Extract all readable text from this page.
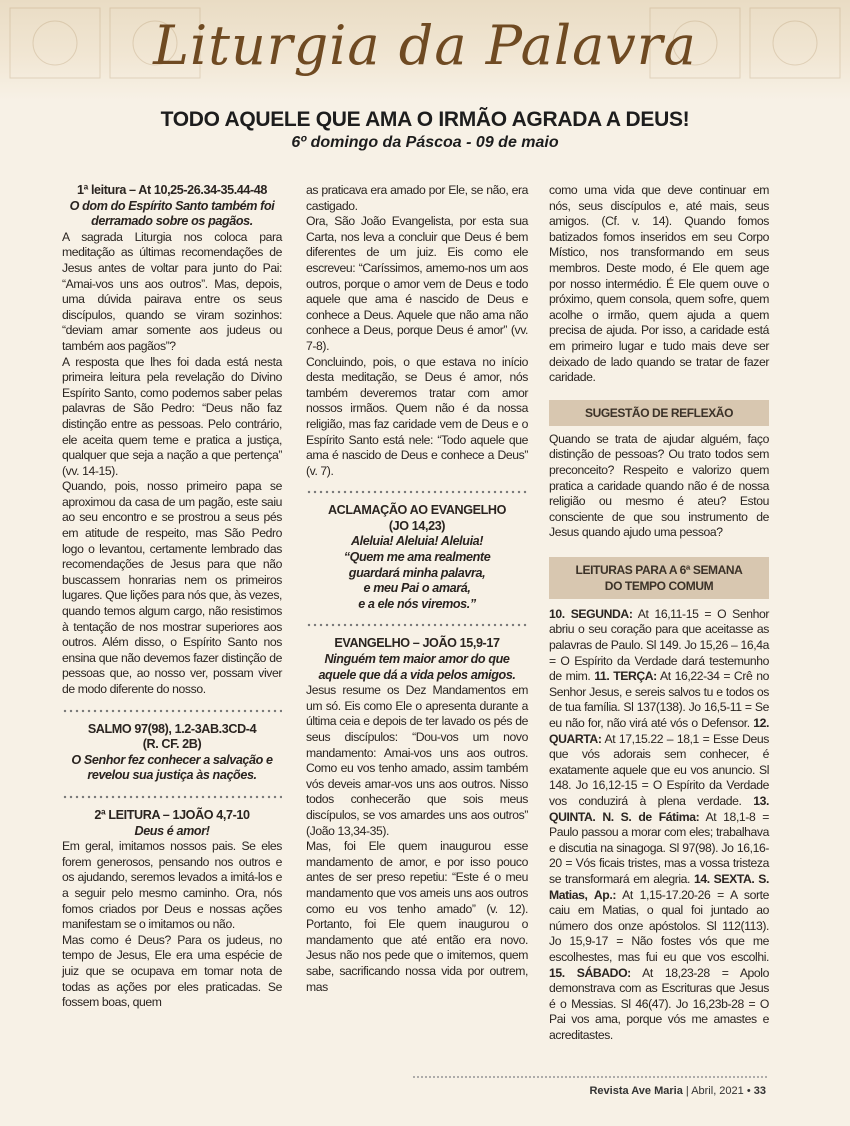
Liturgia da Palavra
TODO AQUELE QUE AMA O IRMÃO AGRADA A DEUS!
6º domingo da Páscoa - 09 de maio
1ª leitura – At 10,25-26.34-35.44-48
O dom do Espírito Santo também foi derramado sobre os pagãos.

A sagrada Liturgia nos coloca para meditação as últimas recomendações de Jesus antes de voltar para junto do Pai: “Amai-vos uns aos outros”. Mas, depois, uma dúvida pairava entre os seus discípulos, quando se viram sozinhos: “deviam amar somente aos judeus ou também aos pagãos”?

A resposta que lhes foi dada está nesta primeira leitura pela revelação do Divino Espírito Santo, como podemos saber pelas palavras de São Pedro: “Deus não faz distinção entre as pessoas. Pelo contrário, ele aceita quem teme e pratica a justiça, qualquer que seja a nação a que pertença” (vv. 14-15).

Quando, pois, nosso primeiro papa se aproximou da casa de um pagão, este saiu ao seu encontro e se prostrou a seus pés em atitude de respeito, mas São Pedro logo o levantou, certamente lembrado das recomendações de Jesus para que não buscassem honrarias nem os primeiros lugares. Que lições para nós que, às vezes, quando temos algum cargo, não resistimos à tentação de nos mostrar superiores aos outros. Além disso, o Espírito Santo nos ensina que não devemos fazer distinção de pessoas que, ao nosso ver, possam viver de modo diferente do nosso.

SALMO 97(98), 1.2-3AB.3CD-4
(R. CF. 2B)
O Senhor fez conhecer a salvação e revelou sua justiça às nações.
2ª LEITURA – 1JOÃO 4,7-10
Deus é amor!

Em geral, imitamos nossos pais. Se eles forem generosos, pensando nos outros e os ajudando, seremos levados a imitá-los e a seguir pelo mesmo caminho. Ora, nós fomos criados por Deus e nossas ações manifestam se o imitamos ou não.

Mas como é Deus? Para os judeus, no tempo de Jesus, Ele era uma espécie de juiz que se ocupava em tomar nota de todas as ações por eles praticadas. Se fossem boas, quem

as praticava era amado por Ele, se não, era castigado.

Ora, São João Evangelista, por esta sua Carta, nos leva a concluir que Deus é bem diferentes de um juiz. Eis como ele escreveu: “Caríssimos, amemo-nos um aos outros, porque o amor vem de Deus e todo aquele que ama é nascido de Deus e conhece a Deus. Aquele que não ama não conhece a Deus, porque Deus é amor” (vv. 7-8).

Concluindo, pois, o que estava no início desta meditação, se Deus é amor, nós também deveremos tratar com amor nossos irmãos. Quem não é da nossa religião, mas faz caridade vem de Deus e o Espírito Santo está nele: “Todo aquele que ama é nascido de Deus e conhece a Deus” (v. 7).

ACLAMAÇÃO AO EVANGELHO
(JO 14,23)
Aleluia! Aleluia! Aleluia!
“Quem me ama realmente
guardará minha palavra,
e meu Pai o amará,
e a ele nós viremos.”
EVANGELHO – JOÃO 15,9-17
Ninguém tem maior amor do que aquele que dá a vida pelos amigos.

Jesus resume os Dez Mandamentos em um só. Eis como Ele o apresenta durante a última ceia e depois de ter lavado os pés de seus discípulos: “Dou-vos um novo mandamento: Amai-vos uns aos outros. Como eu vos tenho amado, assim também vós deveis amar-vos uns aos outros. Nisso todos conhecerão que sois meus discípulos, se vos amardes uns aos outros” (João 13,34-35).

Mas, foi Ele quem inaugurou esse mandamento de amor, e por isso pouco antes de ser preso repetiu: “Este é o meu mandamento que vos ameis uns aos outros como eu vos tenho amado” (v. 12). Portanto, foi Ele quem inaugurou o mandamento que até então era novo. Jesus não nos pede que o imitemos, quem sabe, sacrificando nossa vida por outrem, mas

como uma vida que deve continuar em nós, seus discípulos e, até mais, seus amigos. (Cf. v. 14). Quando fomos batizados fomos inseridos em seu Corpo Místico, nos transformando em seus membros. Deste modo, é Ele quem age por nosso intermédio. É Ele quem ouve o próximo, quem consola, quem sofre, quem acolhe o irmão, quem ajuda a quem precisa de ajuda. Por isso, a caridade está em primeiro lugar e tudo mais deve ser deixado de lado quando se tratar de fazer caridade.

SUGESTÃO DE REFLEXÃO

Quando se trata de ajudar alguém, faço distinção de pessoas? Ou trato todos sem preconceito? Respeito e valorizo quem pratica a caridade quando não é de nossa religião ou mesmo é ateu? Estou consciente de que sou instrumento de Jesus quando ajudo uma pessoa?

LEITURAS PARA A 6ª SEMANA
DO TEMPO COMUM

10. SEGUNDA: At 16,11-15 = O Senhor abriu o seu coração para que aceitasse as palavras de Paulo. Sl 149. Jo 15,26 – 16,4a = O Espírito da Verdade dará testemunho de mim. 11. TERÇA: At 16,22-34 = Crê no Senhor Jesus, e sereis salvos tu e todos os de tua família. Sl 137(138). Jo 16,5-11 = Se eu não for, não virá até vós o Defensor. 12. QUARTA: At 17,15.22 – 18,1 = Esse Deus que vós adorais sem conhecer, é exatamente aquele que eu vos anuncio. Sl 148. Jo 16,12-15 = O Espírito da Verdade vos conduzirá à plena verdade. 13. QUINTA. N. S. de Fátima: At 18,1-8 = Paulo passou a morar com eles; trabalhava e discutia na sinagoga. Sl 97(98). Jo 16,16-20 = Vós ficais tristes, mas a vossa tristeza se transformará em alegria. 14. SEXTA. S. Matias, Ap.: At 1,15-17.20-26 = A sorte caiu em Matias, o qual foi juntado ao número dos onze apóstolos. Sl 112(113). Jo 15,9-17 = Não fostes vós que me escolhestes, mas fui eu que vos escolhi. 15. SÁBADO: At 18,23-28 = Apolo demonstrava com as Escrituras que Jesus é o Messias. Sl 46(47). Jo 16,23b-28 = O Pai vos ama, porque vós me amastes e acreditastes.

Revista Ave Maria | Abril, 2021 • 33
